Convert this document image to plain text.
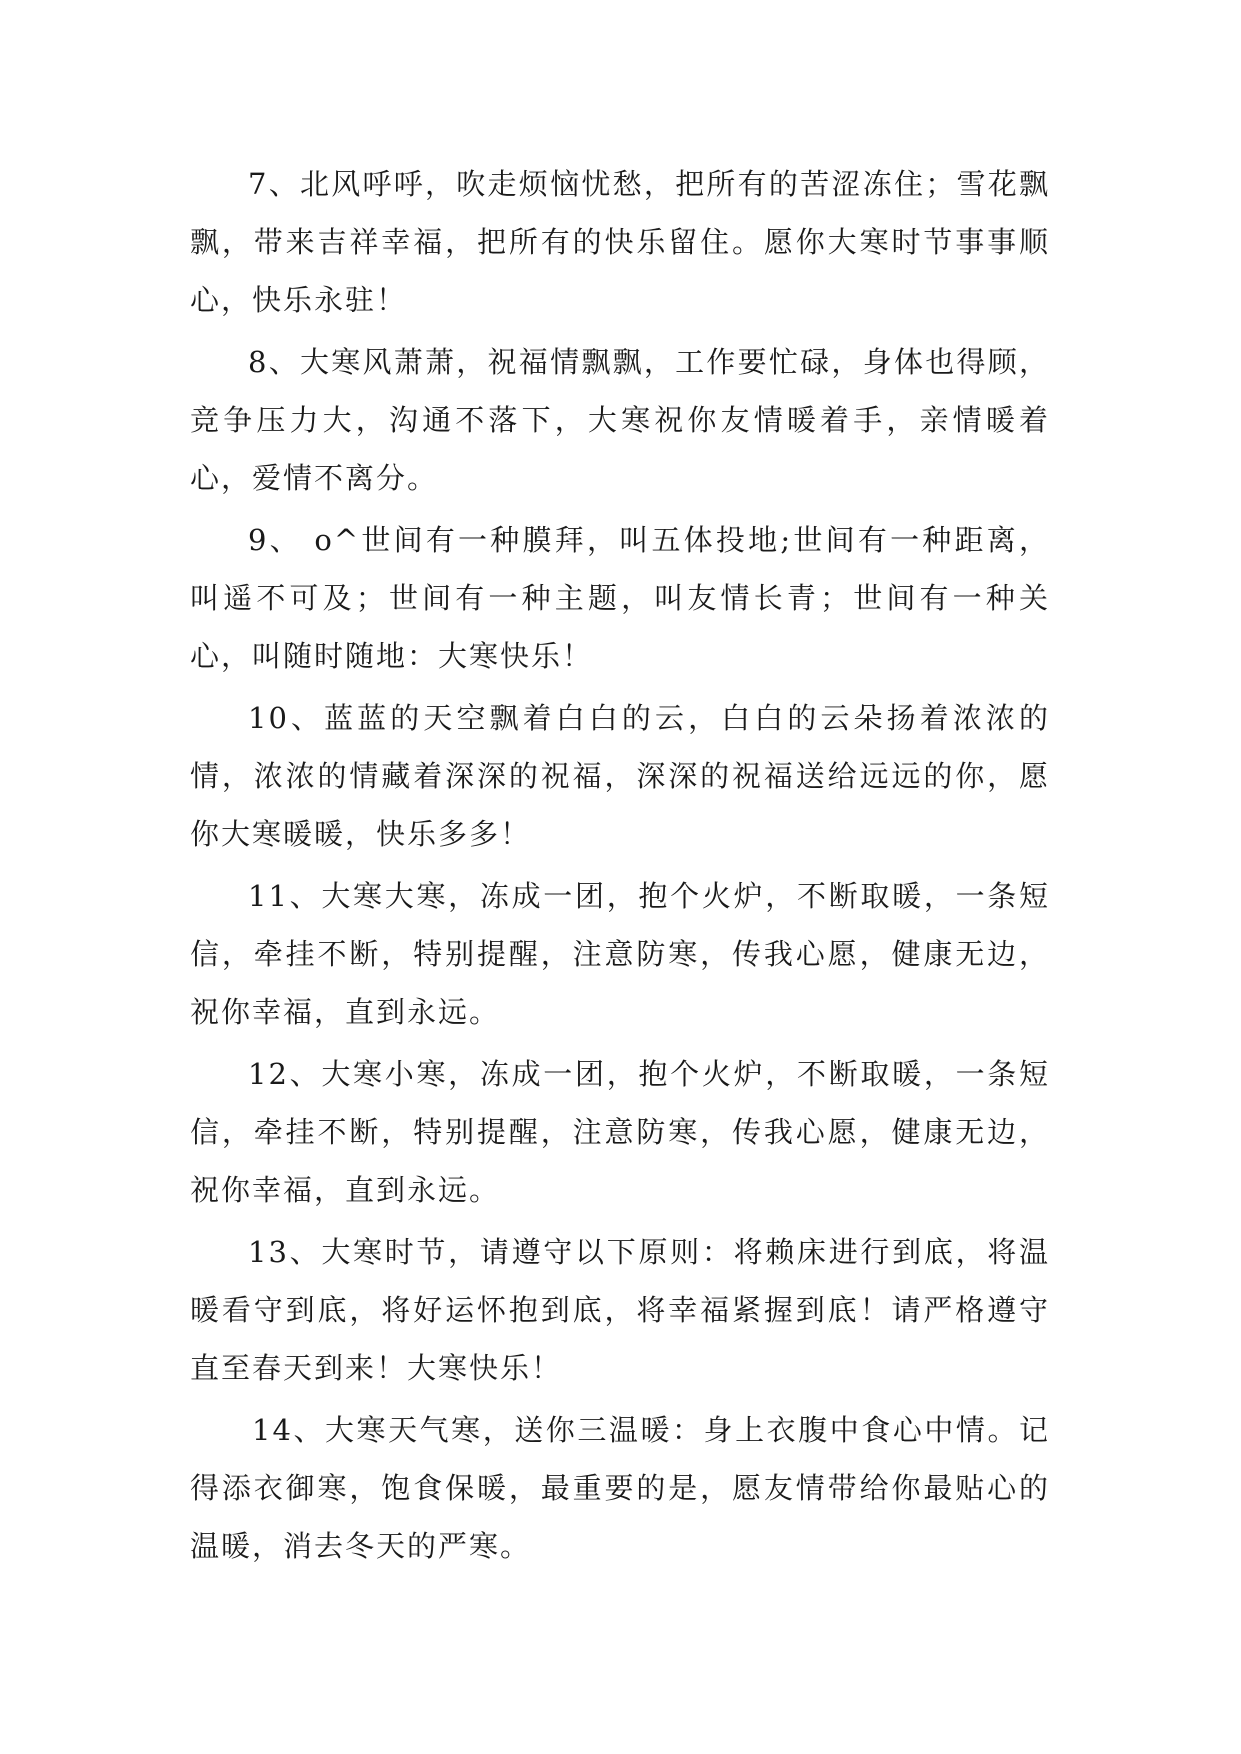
7、北风呼呼，吹走烦恼忧愁，把所有的苦涩冻住；雪花飘飘，带来吉祥幸福，把所有的快乐留住。愿你大寒时节事事顺心，快乐永驻！

8、大寒风萧萧，祝福情飘飘，工作要忙碌，身体也得顾，竞争压力大，沟通不落下，大寒祝你友情暖着手，亲情暖着心，爱情不离分。

9、 o^世间有一种膜拜，叫五体投地;世间有一种距离，叫遥不可及；世间有一种主题，叫友情长青；世间有一种关心，叫随时随地：大寒快乐！

10、蓝蓝的天空飘着白白的云，白白的云朵扬着浓浓的情，浓浓的情藏着深深的祝福，深深的祝福送给远远的你，愿你大寒暖暖，快乐多多！

11、大寒大寒，冻成一团，抱个火炉，不断取暖，一条短信，牵挂不断，特别提醒，注意防寒，传我心愿，健康无边，祝你幸福，直到永远。

12、大寒小寒，冻成一团，抱个火炉，不断取暖，一条短信，牵挂不断，特别提醒，注意防寒，传我心愿，健康无边，祝你幸福，直到永远。

13、大寒时节，请遵守以下原则：将赖床进行到底，将温暖看守到底，将好运怀抱到底，将幸福紧握到底！请严格遵守直至春天到来！大寒快乐！

14、大寒天气寒，送你三温暖：身上衣腹中食心中情。记得添衣御寒，饱食保暖，最重要的是，愿友情带给你最贴心的温暖，消去冬天的严寒。
